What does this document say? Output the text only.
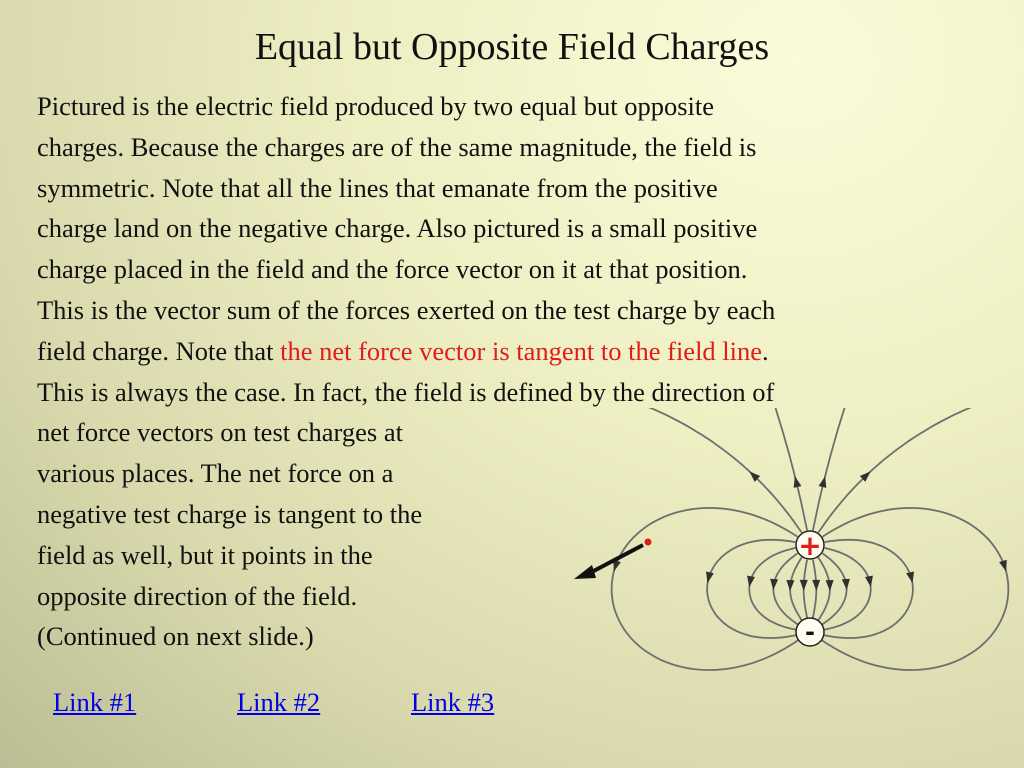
Equal but Opposite Field Charges

Pictured is the electric field produced by two equal but opposite

charges. Because the charges are of the same magnitude, the field is

symmetric. Note that all the lines that emanate from the positive

charge land on the negative charge. Also pictured is a small positive

charge placed in the field and the force vector on it at that position.

This is the vector sum of the forces exerted on the test charge by each

field charge. Note that the net force vector is tangent to the field line.

This is always the case. In fact, the field is defined by the direction of

net force vectors on test charges at

various places. The net force on a

negative test charge is tangent to the

field as well, but it points in the

opposite direction of the field.

(Continued on next slide.)

+
-
Link #1	Link #2	Link #3
